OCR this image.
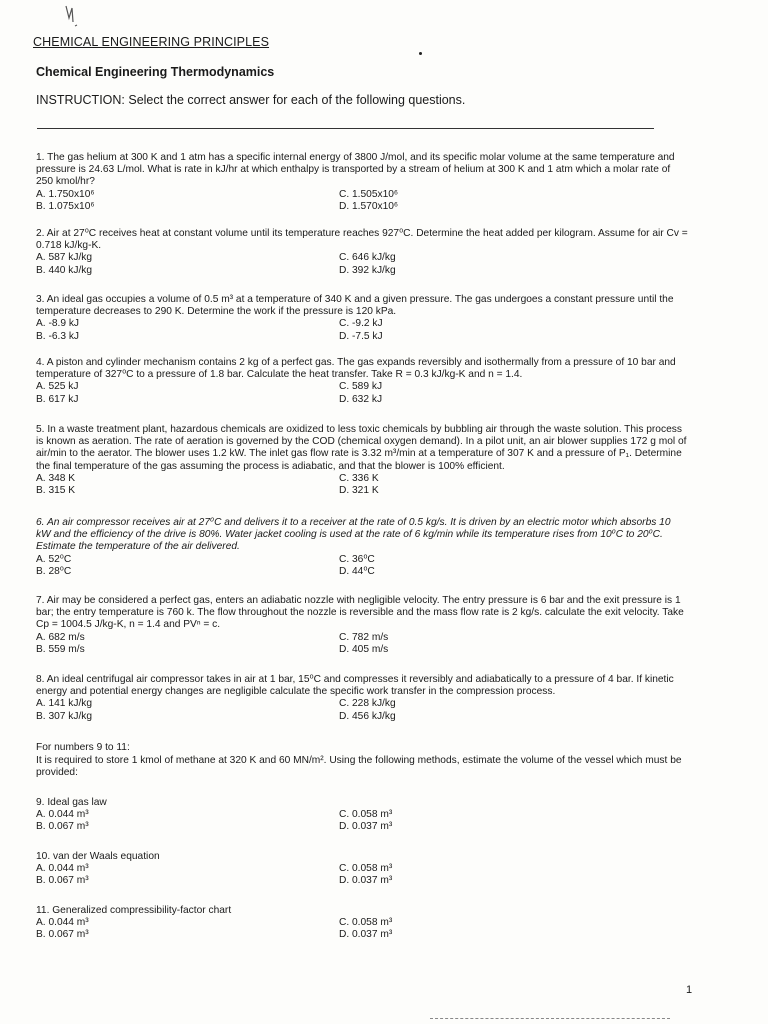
CHEMICAL ENGINEERING PRINCIPLES
Chemical Engineering Thermodynamics
INSTRUCTION: Select the correct answer for each of the following questions.

1. The gas helium at 300 K and 1 atm has a specific internal energy of 3800 J/mol, and its specific molar volume at the same temperature and pressure is 24.63 L/mol. What is rate in kJ/hr at which enthalpy is transported by a stream of helium at 300 K and 1 atm which a molar rate of 250 kmol/hr?

A. 1.750x10⁶	C. 1.505x10⁶
B. 1.075x10⁶	D. 1.570x10⁶

2. Air at 27⁰C receives heat at constant volume until its temperature reaches 927⁰C. Determine the heat added per kilogram. Assume for air Cv = 0.718 kJ/kg-K.

A. 587 kJ/kg	C. 646 kJ/kg
B. 440 kJ/kg	D. 392 kJ/kg

3. An ideal gas occupies a volume of 0.5 m³ at a temperature of 340 K and a given pressure. The gas undergoes a constant pressure until the temperature decreases to 290 K. Determine the work if the pressure is 120 kPa.

A. -8.9 kJ	C. -9.2 kJ
B. -6.3 kJ	D. -7.5 kJ

4. A piston and cylinder mechanism contains 2 kg of a perfect gas. The gas expands reversibly and isothermally from a pressure of 10 bar and temperature of 327⁰C to a pressure of 1.8 bar. Calculate the heat transfer. Take R = 0.3 kJ/kg-K and n = 1.4.

A. 525 kJ	C. 589 kJ
B. 617 kJ	D. 632 kJ

5. In a waste treatment plant, hazardous chemicals are oxidized to less toxic chemicals by bubbling air through the waste solution. This process is known as aeration. The rate of aeration is governed by the COD (chemical oxygen demand). In a pilot unit, an air blower supplies 172 g mol of air/min to the aerator. The blower uses 1.2 kW. The inlet gas flow rate is 3.32 m³/min at a temperature of 307 K and a pressure of P₁. Determine the final temperature of the gas assuming the process is adiabatic, and that the blower is 100% efficient.

A. 348 K	C. 336 K
B. 315 K	D. 321 K

6. An air compressor receives air at 27⁰C and delivers it to a receiver at the rate of 0.5 kg/s. It is driven by an electric motor which absorbs 10 kW and the efficiency of the drive is 80%. Water jacket cooling is used at the rate of 6 kg/min while its temperature rises from 10⁰C to 20⁰C. Estimate the temperature of the air delivered.

A. 52⁰C	C. 36⁰C
B. 28⁰C	D. 44⁰C

7. Air may be considered a perfect gas, enters an adiabatic nozzle with negligible velocity. The entry pressure is 6 bar and the exit pressure is 1 bar; the entry temperature is 760 k. The flow throughout the nozzle is reversible and the mass flow rate is 2 kg/s. calculate the exit velocity. Take Cp = 1004.5 J/kg-K, n = 1.4 and PVⁿ = c.

A. 682 m/s	C. 782 m/s
B. 559 m/s	D. 405 m/s

8. An ideal centrifugal air compressor takes in air at 1 bar, 15⁰C and compresses it reversibly and adiabatically to a pressure of 4 bar. If kinetic energy and potential energy changes are negligible calculate the specific work transfer in the compression process.

A. 141 kJ/kg	C. 228 kJ/kg
B. 307 kJ/kg	D. 456 kJ/kg
For numbers 9 to 11:
It is required to store 1 kmol of methane at 320 K and 60 MN/m². Using the following methods, estimate the volume of the vessel which must be provided:

9. Ideal gas law

A. 0.044 m³	C. 0.058 m³
B. 0.067 m³	D. 0.037 m³

10. van der Waals equation

A. 0.044 m³	C. 0.058 m³
B. 0.067 m³	D. 0.037 m³

11. Generalized compressibility-factor chart

A. 0.044 m³	C. 0.058 m³
B. 0.067 m³	D. 0.037 m³
1
